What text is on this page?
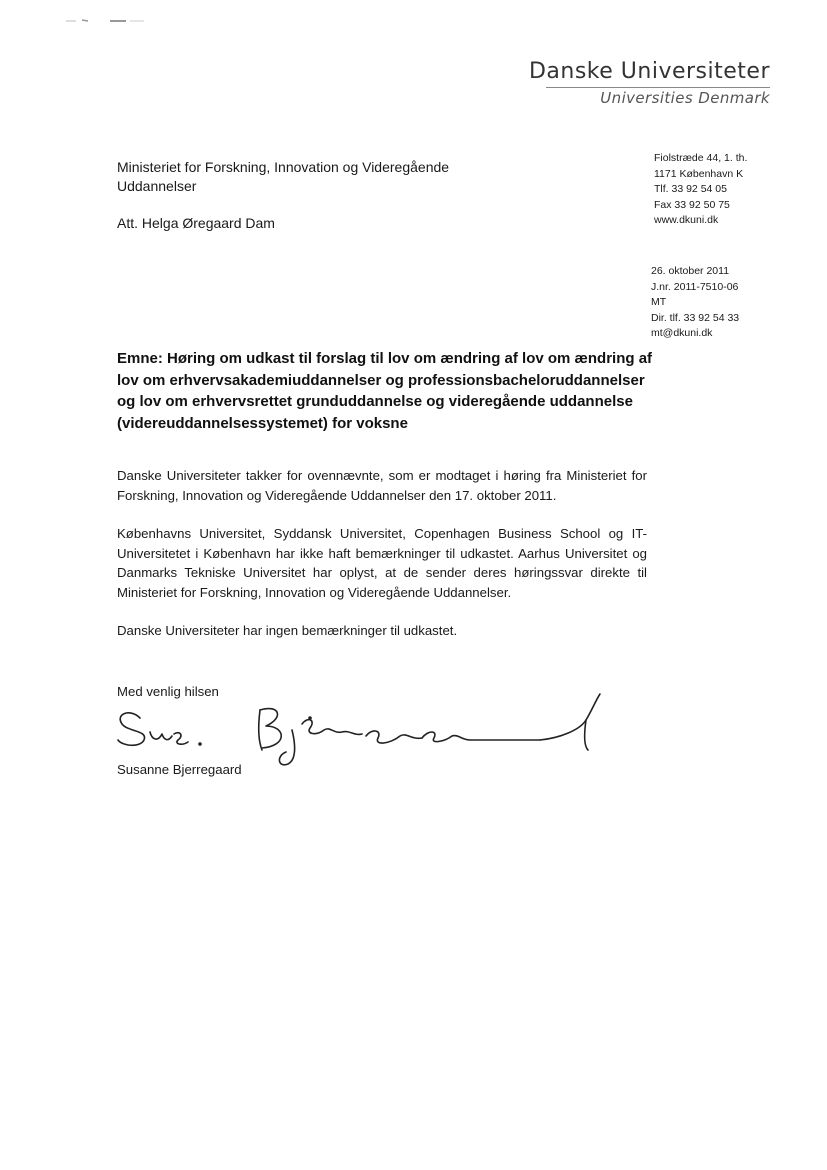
Danske Universiteter
Universities Denmark
Ministeriet for Forskning, Innovation og Videregående
Uddannelser
Att. Helga Øregaard Dam
Fiolstræde 44, 1. th.
1171 København K
Tlf. 33 92 54 05
Fax 33 92 50 75
www.dkuni.dk
26. oktober 2011
J.nr. 2011-7510-06
MT
Dir. tlf. 33 92 54 33
mt@dkuni.dk
Emne: Høring om udkast til forslag til lov om ændring af lov om ændring af lov om erhvervsakademiuddannelser og professionsbacheloruddannelser og lov om erhvervsrettet grunduddannelse og videregående uddannelse (videreuddannelsessystemet) for voksne

Danske Universiteter takker for ovennævnte, som er modtaget i høring fra Ministeriet for Forskning, Innovation og Videregående Uddannelser den 17. oktober 2011.

Københavns Universitet, Syddansk Universitet, Copenhagen Business School og IT-Universitetet i København har ikke haft bemærkninger til udkastet. Aarhus Universitet og Danmarks Tekniske Universitet har oplyst, at de sender deres høringssvar direkte til Ministeriet for Forskning, Innovation og Videregående Uddannelser.

Danske Universiteter har ingen bemærkninger til udkastet.

Med venlig hilsen
Susanne Bjerregaard
